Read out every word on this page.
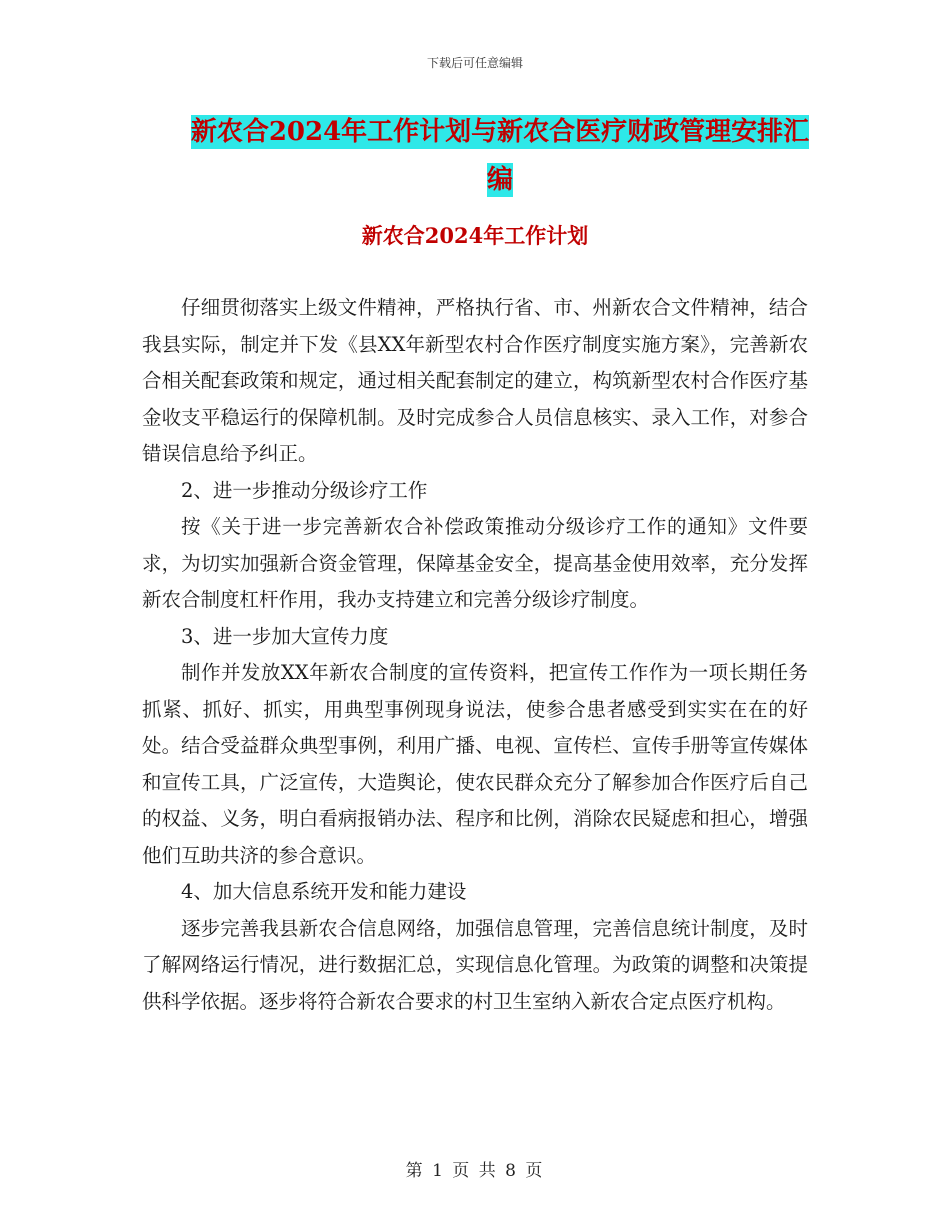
下载后可任意编辑
新农合2024年工作计划与新农合医疗财政管理安排汇
编
新农合2024年工作计划

仔细贯彻落实上级文件精神，严格执行省、市、州新农合文件精神，结合我县实际，制定并下发《县XX年新型农村合作医疗制度实施方案》，完善新农合相关配套政策和规定，通过相关配套制定的建立，构筑新型农村合作医疗基金收支平稳运行的保障机制。及时完成参合人员信息核实、录入工作，对参合错误信息给予纠正。

2、进一步推动分级诊疗工作

按《关于进一步完善新农合补偿政策推动分级诊疗工作的通知》文件要求，为切实加强新合资金管理，保障基金安全，提高基金使用效率，充分发挥新农合制度杠杆作用，我办支持建立和完善分级诊疗制度。

3、进一步加大宣传力度

制作并发放XX年新农合制度的宣传资料，把宣传工作作为一项长期任务抓紧、抓好、抓实，用典型事例现身说法，使参合患者感受到实实在在的好处。结合受益群众典型事例，利用广播、电视、宣传栏、宣传手册等宣传媒体和宣传工具，广泛宣传，大造舆论，使农民群众充分了解参加合作医疗后自己的权益、义务，明白看病报销办法、程序和比例，消除农民疑虑和担心，增强他们互助共济的参合意识。

4、加大信息系统开发和能力建设

逐步完善我县新农合信息网络，加强信息管理，完善信息统计制度，及时了解网络运行情况，进行数据汇总，实现信息化管理。为政策的调整和决策提供科学依据。逐步将符合新农合要求的村卫生室纳入新农合定点医疗机构。

第 1 页 共 8 页
